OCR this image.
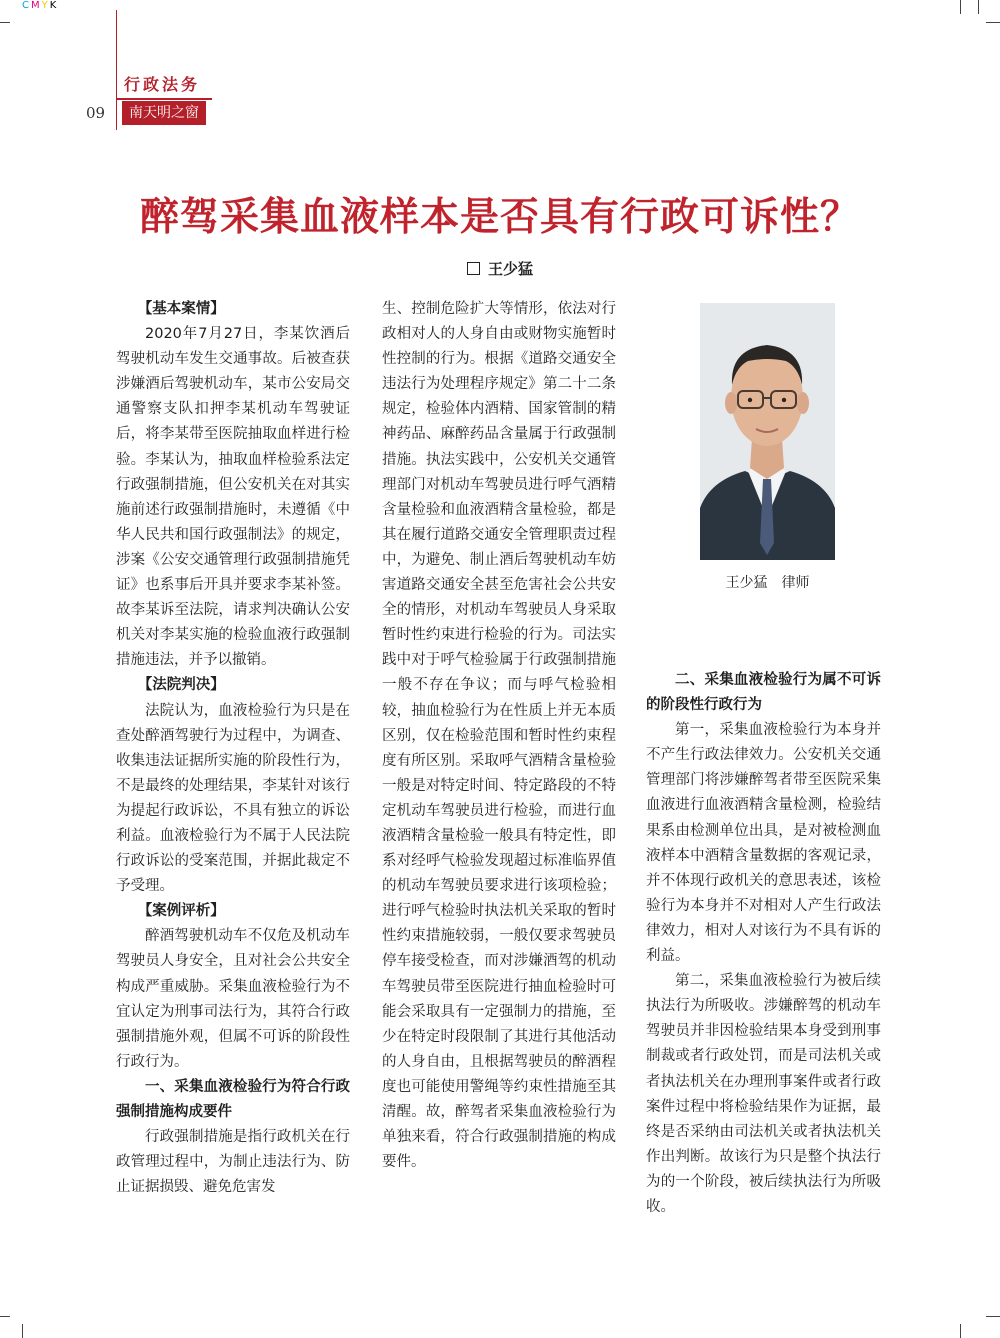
CMYK
行政法务
09	南天明之窗
醉驾采集血液样本是否具有行政可诉性？
王少猛

【基本案情】

2020年7月27日，李某饮酒后驾驶机动车发生交通事故。后被查获涉嫌酒后驾驶机动车，某市公安局交通警察支队扣押李某机动车驾驶证后，将李某带至医院抽取血样进行检验。李某认为，抽取血样检验系法定行政强制措施，但公安机关在对其实施前述行政强制措施时，未遵循《中华人民共和国行政强制法》的规定，涉案《公安交通管理行政强制措施凭证》也系事后开具并要求李某补签。故李某诉至法院，请求判决确认公安机关对李某实施的检验血液行政强制措施违法，并予以撤销。

【法院判决】

法院认为，血液检验行为只是在查处醉酒驾驶行为过程中，为调查、收集违法证据所实施的阶段性行为，不是最终的处理结果，李某针对该行为提起行政诉讼，不具有独立的诉讼利益。血液检验行为不属于人民法院行政诉讼的受案范围，并据此裁定不予受理。

【案例评析】

醉酒驾驶机动车不仅危及机动车驾驶员人身安全，且对社会公共安全构成严重威胁。采集血液检验行为不宜认定为刑事司法行为，其符合行政强制措施外观，但属不可诉的阶段性行政行为。

一、采集血液检验行为符合行政强制措施构成要件

行政强制措施是指行政机关在行政管理过程中，为制止违法行为、防止证据损毁、避免危害发

生、控制危险扩大等情形，依法对行政相对人的人身自由或财物实施暂时性控制的行为。根据《道路交通安全违法行为处理程序规定》第二十二条规定，检验体内酒精、国家管制的精神药品、麻醉药品含量属于行政强制措施。执法实践中，公安机关交通管理部门对机动车驾驶员进行呼气酒精含量检验和血液酒精含量检验，都是其在履行道路交通安全管理职责过程中，为避免、制止酒后驾驶机动车妨害道路交通安全甚至危害社会公共安全的情形，对机动车驾驶员人身采取暂时性约束进行检验的行为。司法实践中对于呼气检验属于行政强制措施一般不存在争议；而与呼气检验相较，抽血检验行为在性质上并无本质区别，仅在检验范围和暂时性约束程度有所区别。采取呼气酒精含量检验一般是对特定时间、特定路段的不特定机动车驾驶员进行检验，而进行血液酒精含量检验一般具有特定性，即系对经呼气检验发现超过标准临界值的机动车驾驶员要求进行该项检验；进行呼气检验时执法机关采取的暂时性约束措施较弱，一般仅要求驾驶员停车接受检查，而对涉嫌酒驾的机动车驾驶员带至医院进行抽血检验时可能会采取具有一定强制力的措施，至少在特定时段限制了其进行其他活动的人身自由，且根据驾驶员的醉酒程度也可能使用警绳等约束性措施至其清醒。故，醉驾者采集血液检验行为单独来看，符合行政强制措施的构成要件。

二、采集血液检验行为属不可诉的阶段性行政行为

第一，采集血液检验行为本身并不产生行政法律效力。公安机关交通管理部门将涉嫌醉驾者带至医院采集血液进行血液酒精含量检测，检验结果系由检测单位出具，是对被检测血液样本中酒精含量数据的客观记录，并不体现行政机关的意思表述，该检验行为本身并不对相对人产生行政法律效力，相对人对该行为不具有诉的利益。

第二，采集血液检验行为被后续执法行为所吸收。涉嫌醉驾的机动车驾驶员并非因检验结果本身受到刑事制裁或者行政处罚，而是司法机关或者执法机关在办理刑事案件或者行政案件过程中将检验结果作为证据，最终是否采纳由司法机关或者执法机关作出判断。故该行为只是整个执法行为的一个阶段，被后续执法行为所吸收。

王少猛　律师
